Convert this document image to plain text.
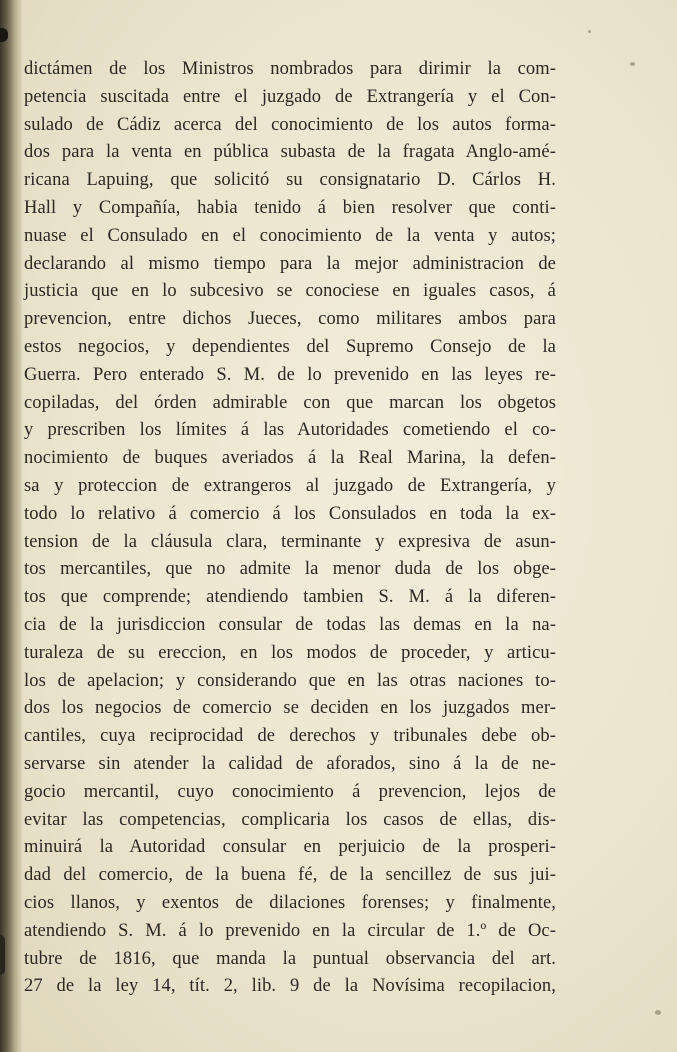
dictámen de los Ministros nombrados para dirimir la com-
petencia suscitada entre el juzgado de Extrangería y el Con-
sulado de Cádiz acerca del conocimiento de los autos forma-
dos para la venta en pública subasta de la fragata Anglo-amé-
ricana Lapuing, que solicitó su consignatario D. Cárlos H.
Hall y Compañía, habia tenido á bien resolver que conti-
nuase el Consulado en el conocimiento de la venta y autos;
declarando al mismo tiempo para la mejor administracion de
justicia que en lo subcesivo se conociese en iguales casos, á
prevencion, entre dichos Jueces, como militares ambos para
estos negocios, y dependientes del Supremo Consejo de la
Guerra. Pero enterado S. M. de lo prevenido en las leyes re-
copiladas, del órden admirable con que marcan los obgetos
y prescriben los límites á las Autoridades cometiendo el co-
nocimiento de buques averiados á la Real Marina, la defen-
sa y proteccion de extrangeros al juzgado de Extrangería, y
todo lo relativo á comercio á los Consulados en toda la ex-
tension de la cláusula clara, terminante y expresiva de asun-
tos mercantiles, que no admite la menor duda de los obge-
tos que comprende; atendiendo tambien S. M. á la diferen-
cia de la jurisdiccion consular de todas las demas en la na-
turaleza de su ereccion, en los modos de proceder, y articu-
los de apelacion; y considerando que en las otras naciones to-
dos los negocios de comercio se deciden en los juzgados mer-
cantiles, cuya reciprocidad de derechos y tribunales debe ob-
servarse sin atender la calidad de aforados, sino á la de ne-
gocio mercantil, cuyo conocimiento á prevencion, lejos de
evitar las competencias, complicaria los casos de ellas, dis-
minuirá la Autoridad consular en perjuicio de la prosperi-
dad del comercio, de la buena fé, de la sencillez de sus jui-
cios llanos, y exentos de dilaciones forenses; y finalmente,
atendiendo S. M. á lo prevenido en la circular de 1.º de Oc-
tubre de 1816, que manda la puntual observancia del art.
27 de la ley 14, tít. 2, lib. 9 de la Novísima recopilacion,
